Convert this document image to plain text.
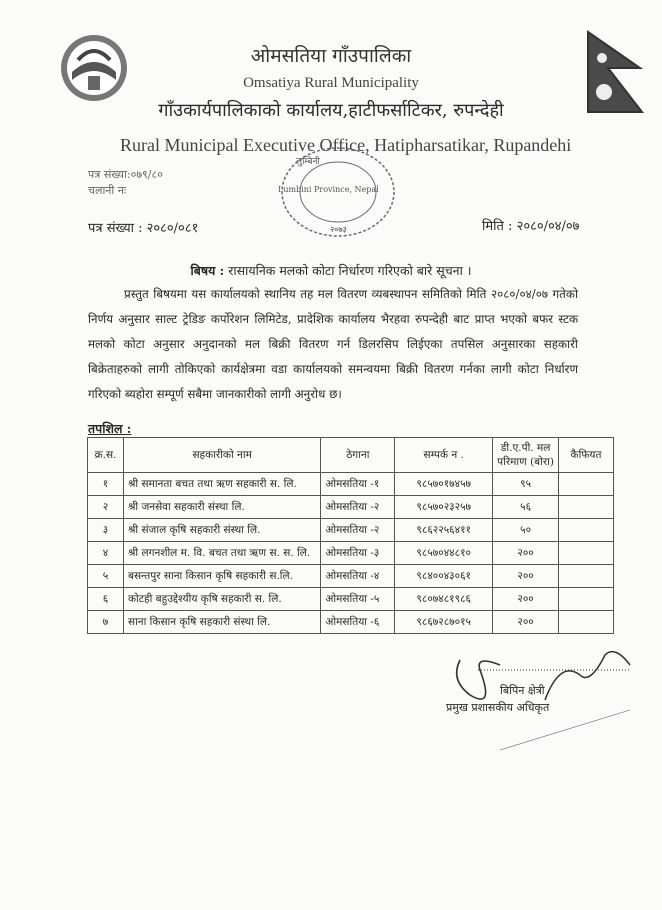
ओमसतिया गाँउपालिका
Omsatiya Rural Municipality
गाँउकार्यपालिकाको कार्यालय,हाटीफर्साटिकर, रुपन्देही
Rural Municipal Executive Office, Hatipharsatikar, Rupandehi
पत्र संख्या:०७९/८०
चलानी नः
पत्र संख्या : २०८०/०८१	मिति : २०८०/०४/०७
लुम्बिनी
Lumbini Province, Nepal
२०७३
बिषय : रासायनिक मलको कोटा निर्धारण गरिएको बारे सूचना ।
प्रस्तुत बिषयमा यस कार्यालयको स्थानिय तह मल वितरण व्यबस्थापन समितिको मिति २०८०/०४/०७ गतेको निर्णय अनुसार साल्ट ट्रेडिङ कर्पोरेशन लिमिटेड, प्रादेशिक कार्यालय भैरहवा रुपन्देही बाट प्राप्त भएको बफर स्टक मलको कोटा अनुसार अनुदानको मल बिक्री वितरण गर्न डिलरसिप लिईएका तपसिल अनुसारका सहकारी बिक्रेताहरुको लागी तोकिएको कार्यक्षेत्रमा वडा कार्यालयको समन्वयमा बिक्री वितरण गर्नका लागी कोटा निर्धारण गरिएको ब्यहोरा सम्पूर्ण सबैमा जानकारीको लागी अनुरोध छ।
तपशिल :
क्र.स.	सहकारीको नाम	ठेगाना	सम्पर्क न .	डी.ए.पी. मल परिमाण (बोरा)	कैफियत
१	श्री समानता बचत तथा ऋण सहकारी स. लि.	ओमसतिया -१	९८५७०१७४५७	९५	
२	श्री जनसेवा सहकारी संस्था लि.	ओमसतिया -२	९८५७०२३२५७	५६	
३	श्री संजाल कृषि सहकारी संस्था लि.	ओमसतिया -२	९८६२२५६४११	५०	
४	श्री लगनशील म. वि. बचत तथा ऋण स. स. लि.	ओमसतिया -३	९८५७०४४८१०	२००	
५	बसन्तपुर साना किसान कृषि सहकारी स.लि.	ओमसतिया -४	९८४००४३०६१	२००	
६	कोटही बहुउद्देश्यीय कृषि सहकारी स. लि.	ओमसतिया -५	९८०७४८१९८६	२००	
७	साना किसान कृषि सहकारी संस्था लि.	ओमसतिया -६	९८६७२८७०१५	२००	
बिपिन क्षेत्री
प्रमुख प्रशासकीय अधिकृत
